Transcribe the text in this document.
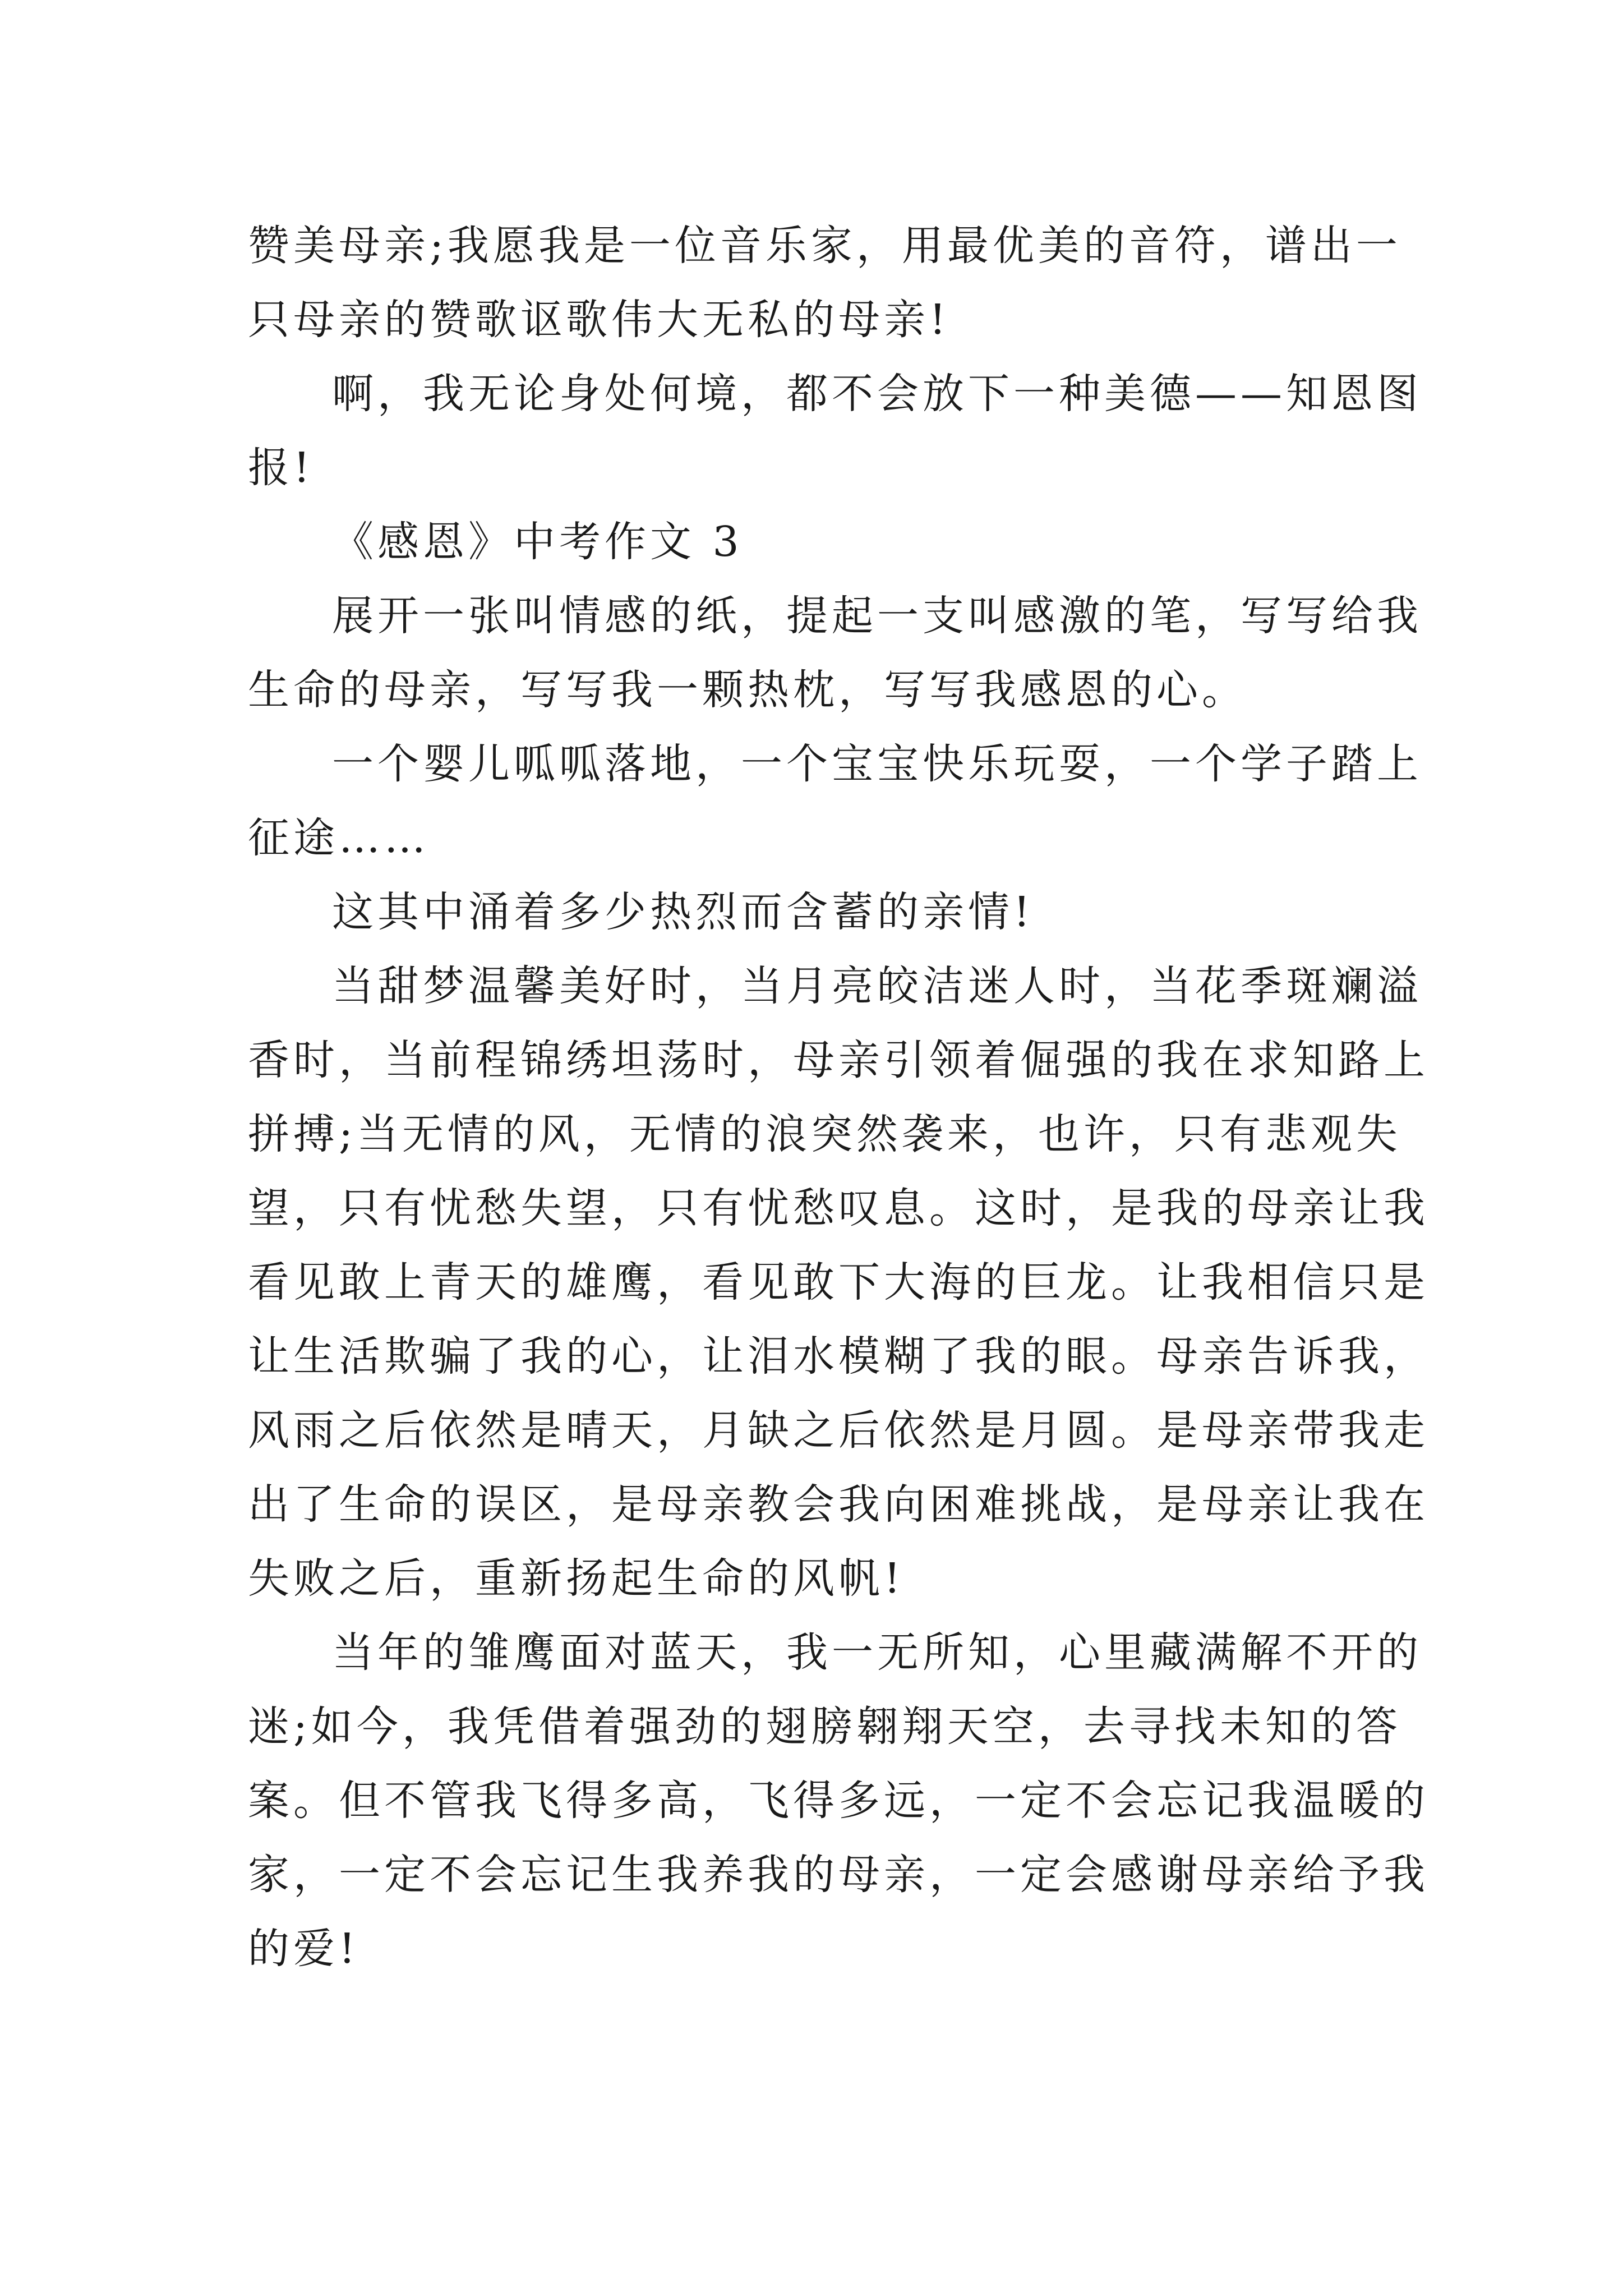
赞美母亲;我愿我是一位音乐家，用最优美的音符，谱出一
只母亲的赞歌讴歌伟大无私的母亲!
啊，我无论身处何境，都不会放下一种美德——知恩图
报!
《感恩》中考作文 3
展开一张叫情感的纸，提起一支叫感激的笔，写写给我
生命的母亲，写写我一颗热枕，写写我感恩的心。
一个婴儿呱呱落地，一个宝宝快乐玩耍，一个学子踏上
征途……
这其中涌着多少热烈而含蓄的亲情!
当甜梦温馨美好时，当月亮皎洁迷人时，当花季斑斓溢
香时，当前程锦绣坦荡时，母亲引领着倔强的我在求知路上
拼搏;当无情的风，无情的浪突然袭来，也许，只有悲观失
望，只有忧愁失望，只有忧愁叹息。这时，是我的母亲让我
看见敢上青天的雄鹰，看见敢下大海的巨龙。让我相信只是
让生活欺骗了我的心，让泪水模糊了我的眼。母亲告诉我，
风雨之后依然是晴天，月缺之后依然是月圆。是母亲带我走
出了生命的误区，是母亲教会我向困难挑战，是母亲让我在
失败之后，重新扬起生命的风帆!
当年的雏鹰面对蓝天，我一无所知，心里藏满解不开的
迷;如今，我凭借着强劲的翅膀翱翔天空，去寻找未知的答
案。但不管我飞得多高，飞得多远，一定不会忘记我温暖的
家，一定不会忘记生我养我的母亲，一定会感谢母亲给予我
的爱!
